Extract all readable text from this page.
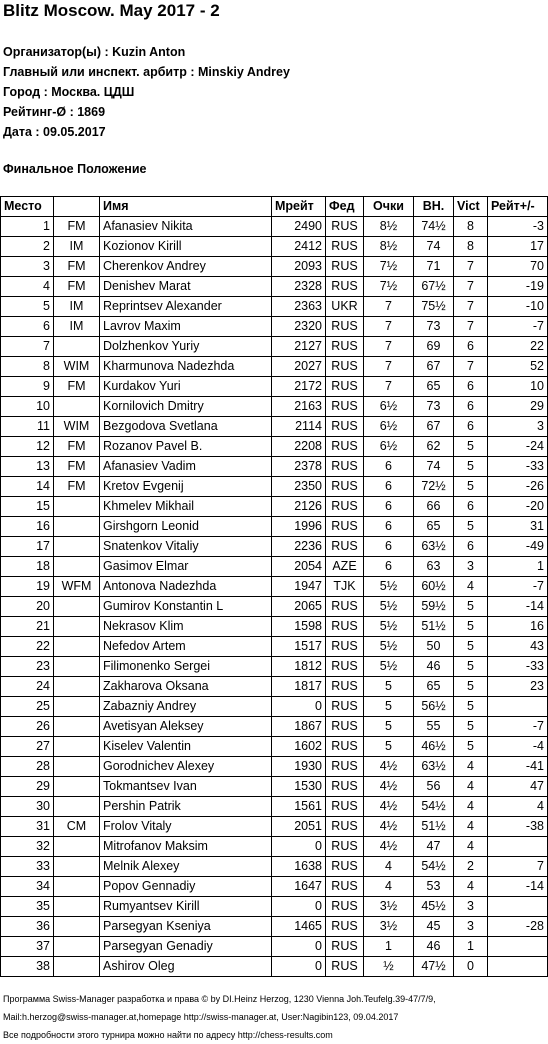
Blitz Moscow. May 2017 - 2
Организатор(ы) : Kuzin Anton
Главный или инспект. арбитр : Minskiy Andrey
Город : Москва. ЦДШ
Рейтинг-Ø : 1869
Дата : 09.05.2017
Финальное Положение
Место		Имя	Мрейт	Фед	Очки	BH.	Vict	Рейт+/-
1	FM	Afanasiev Nikita	2490	RUS	8½	74½	8	-3
2	IM	Kozionov Kirill	2412	RUS	8½	74	8	17
3	FM	Cherenkov Andrey	2093	RUS	7½	71	7	70
4	FM	Denishev Marat	2328	RUS	7½	67½	7	-19
5	IM	Reprintsev Alexander	2363	UKR	7	75½	7	-10
6	IM	Lavrov Maxim	2320	RUS	7	73	7	-7
7		Dolzhenkov Yuriy	2127	RUS	7	69	6	22
8	WIM	Kharmunova Nadezhda	2027	RUS	7	67	7	52
9	FM	Kurdakov Yuri	2172	RUS	7	65	6	10
10		Kornilovich Dmitry	2163	RUS	6½	73	6	29
11	WIM	Bezgodova Svetlana	2114	RUS	6½	67	6	3
12	FM	Rozanov Pavel B.	2208	RUS	6½	62	5	-24
13	FM	Afanasiev Vadim	2378	RUS	6	74	5	-33
14	FM	Kretov Evgenij	2350	RUS	6	72½	5	-26
15		Khmelev Mikhail	2126	RUS	6	66	6	-20
16		Girshgorn Leonid	1996	RUS	6	65	5	31
17		Snatenkov Vitaliy	2236	RUS	6	63½	6	-49
18		Gasimov Elmar	2054	AZE	6	63	3	1
19	WFM	Antonova Nadezhda	1947	TJK	5½	60½	4	-7
20		Gumirov Konstantin L	2065	RUS	5½	59½	5	-14
21		Nekrasov Klim	1598	RUS	5½	51½	5	16
22		Nefedov Artem	1517	RUS	5½	50	5	43
23		Filimonenko Sergei	1812	RUS	5½	46	5	-33
24		Zakharova Oksana	1817	RUS	5	65	5	23
25		Zabazniy Andrey	0	RUS	5	56½	5	
26		Avetisyan Aleksey	1867	RUS	5	55	5	-7
27		Kiselev Valentin	1602	RUS	5	46½	5	-4
28		Gorodnichev Alexey	1930	RUS	4½	63½	4	-41
29		Tokmantsev Ivan	1530	RUS	4½	56	4	47
30		Pershin Patrik	1561	RUS	4½	54½	4	4
31	CM	Frolov Vitaly	2051	RUS	4½	51½	4	-38
32		Mitrofanov Maksim	0	RUS	4½	47	4	
33		Melnik Alexey	1638	RUS	4	54½	2	7
34		Popov Gennadiy	1647	RUS	4	53	4	-14
35		Rumyantsev Kirill	0	RUS	3½	45½	3	
36		Parsegyan Kseniya	1465	RUS	3½	45	3	-28
37		Parsegyan Genadiy	0	RUS	1	46	1	
38		Ashirov Oleg	0	RUS	½	47½	0	
Программа Swiss-Manager разработка и права © by DI.Heinz Herzog, 1230 Vienna Joh.Teufelg.39-47/7/9,
Mail:h.herzog@swiss-manager.at,homepage http://swiss-manager.at, User:Nagibin123, 09.04.2017
Все подробности этого турнира можно найти по адресу http://chess-results.com
